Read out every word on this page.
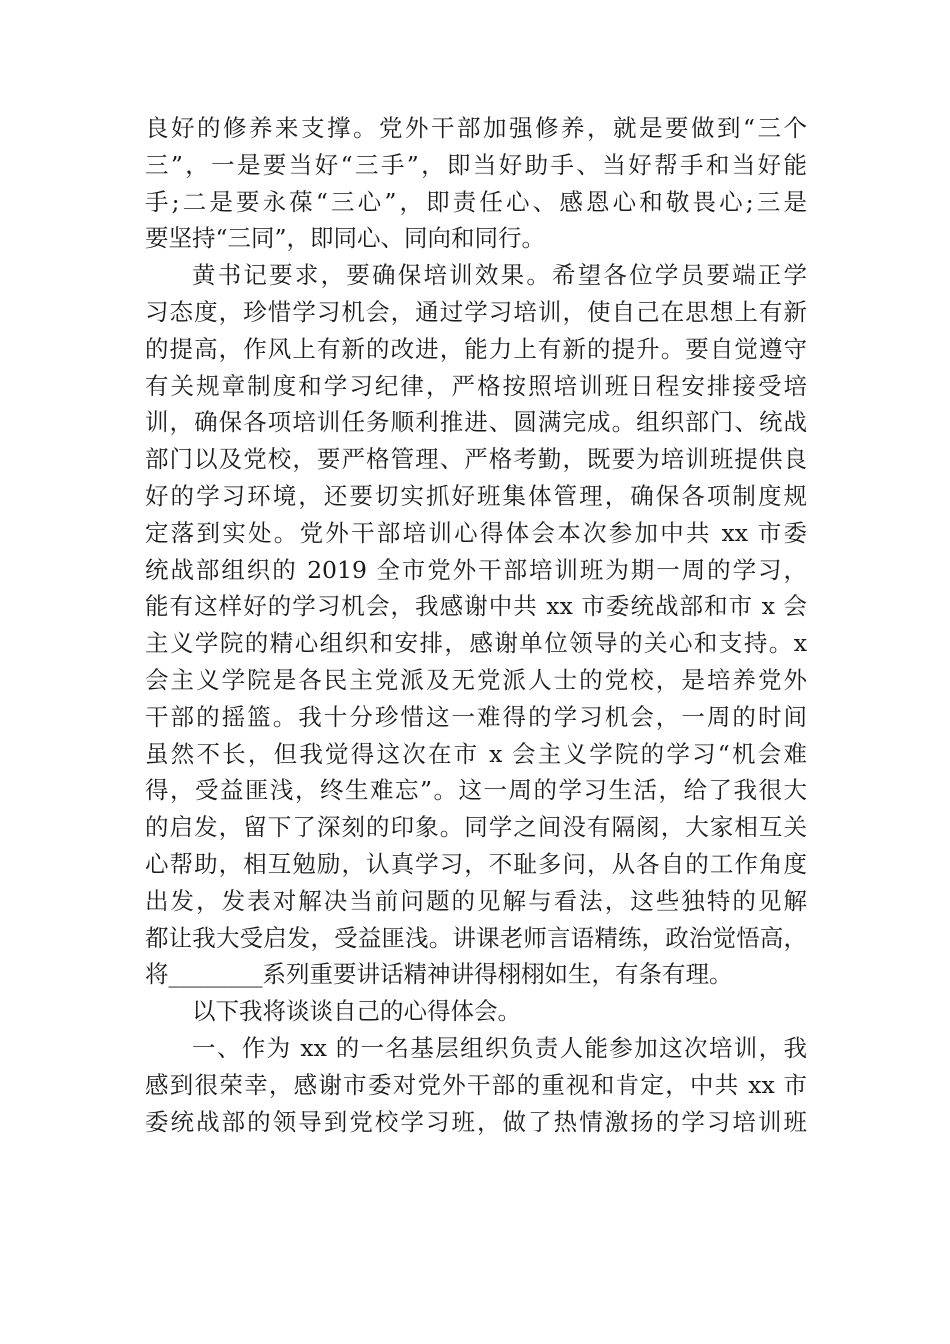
良好的修养来支撑。党外干部加强修养，就是要做到“三个
三”，一是要当好“三手”，即当好助手、当好帮手和当好能
手;二是要永葆“三心”，即责任心、感恩心和敬畏心;三是
要坚持“三同”，即同心、同向和同行。
黄书记要求，要确保培训效果。希望各位学员要端正学
习态度，珍惜学习机会，通过学习培训，使自己在思想上有新
的提高，作风上有新的改进，能力上有新的提升。要自觉遵守
有关规章制度和学习纪律，严格按照培训班日程安排接受培
训，确保各项培训任务顺利推进、圆满完成。组织部门、统战
部门以及党校，要严格管理、严格考勤，既要为培训班提供良
好的学习环境，还要切实抓好班集体管理，确保各项制度规
定落到实处。党外干部培训心得体会本次参加中共 xx 市委
统战部组织的 2019 全市党外干部培训班为期一周的学习，
能有这样好的学习机会，我感谢中共 xx 市委统战部和市 x 会
主义学院的精心组织和安排，感谢单位领导的关心和支持。x
会主义学院是各民主党派及无党派人士的党校，是培养党外
干部的摇篮。我十分珍惜这一难得的学习机会，一周的时间
虽然不长，但我觉得这次在市 x 会主义学院的学习“机会难
得，受益匪浅，终生难忘”。这一周的学习生活，给了我很大
的启发，留下了深刻的印象。同学之间没有隔阂，大家相互关
心帮助，相互勉励，认真学习，不耻多问，从各自的工作角度
出发，发表对解决当前问题的见解与看法，这些独特的见解
都让我大受启发，受益匪浅。讲课老师言语精练，政治觉悟高，
将________系列重要讲话精神讲得栩栩如生，有条有理。
以下我将谈谈自己的心得体会。
一、作为 xx 的一名基层组织负责人能参加这次培训，我
感到很荣幸，感谢市委对党外干部的重视和肯定，中共 xx 市
委统战部的领导到党校学习班，做了热情激扬的学习培训班
